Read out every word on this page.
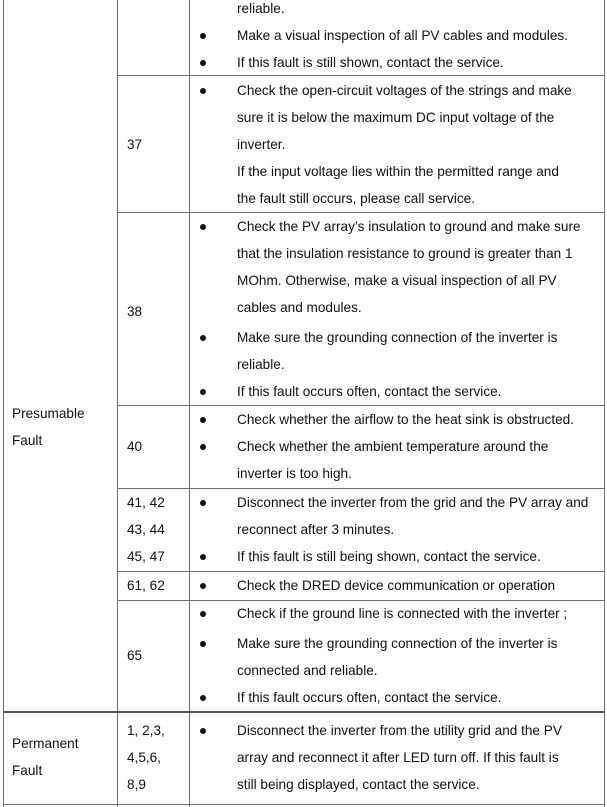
Presumable
Fault
Permanent
Fault
reliable.
Make a visual inspection of all PV cables and modules.
If this fault is still shown, contact the service.
37
Check the open-circuit voltages of the strings and make
sure it is below the maximum DC input voltage of the
inverter.
If the input voltage lies within the permitted range and
the fault still occurs, please call service.
38
Check the PV array’s insulation to ground and make sure
that the insulation resistance to ground is greater than 1
MOhm. Otherwise, make a visual inspection of all PV
cables and modules.
Make sure the grounding connection of the inverter is
reliable.
If this fault occurs often, contact the service.
40
Check whether the airflow to the heat sink is obstructed.
Check whether the ambient temperature around the
inverter is too high.
41, 42
43, 44
45, 47
Disconnect the inverter from the grid and the PV array and
reconnect after 3 minutes.
If this fault is still being shown, contact the service.
61, 62	Check the DRED device communication or operation
65
Check if the ground line is connected with the inverter ;
Make sure the grounding connection of the inverter is
connected and reliable.
If this fault occurs often, contact the service.
1, 2,3,
4,5,6,
8,9
Disconnect the inverter from the utility grid and the PV
array and reconnect it after LED turn off. If this fault is
still being displayed, contact the service.
